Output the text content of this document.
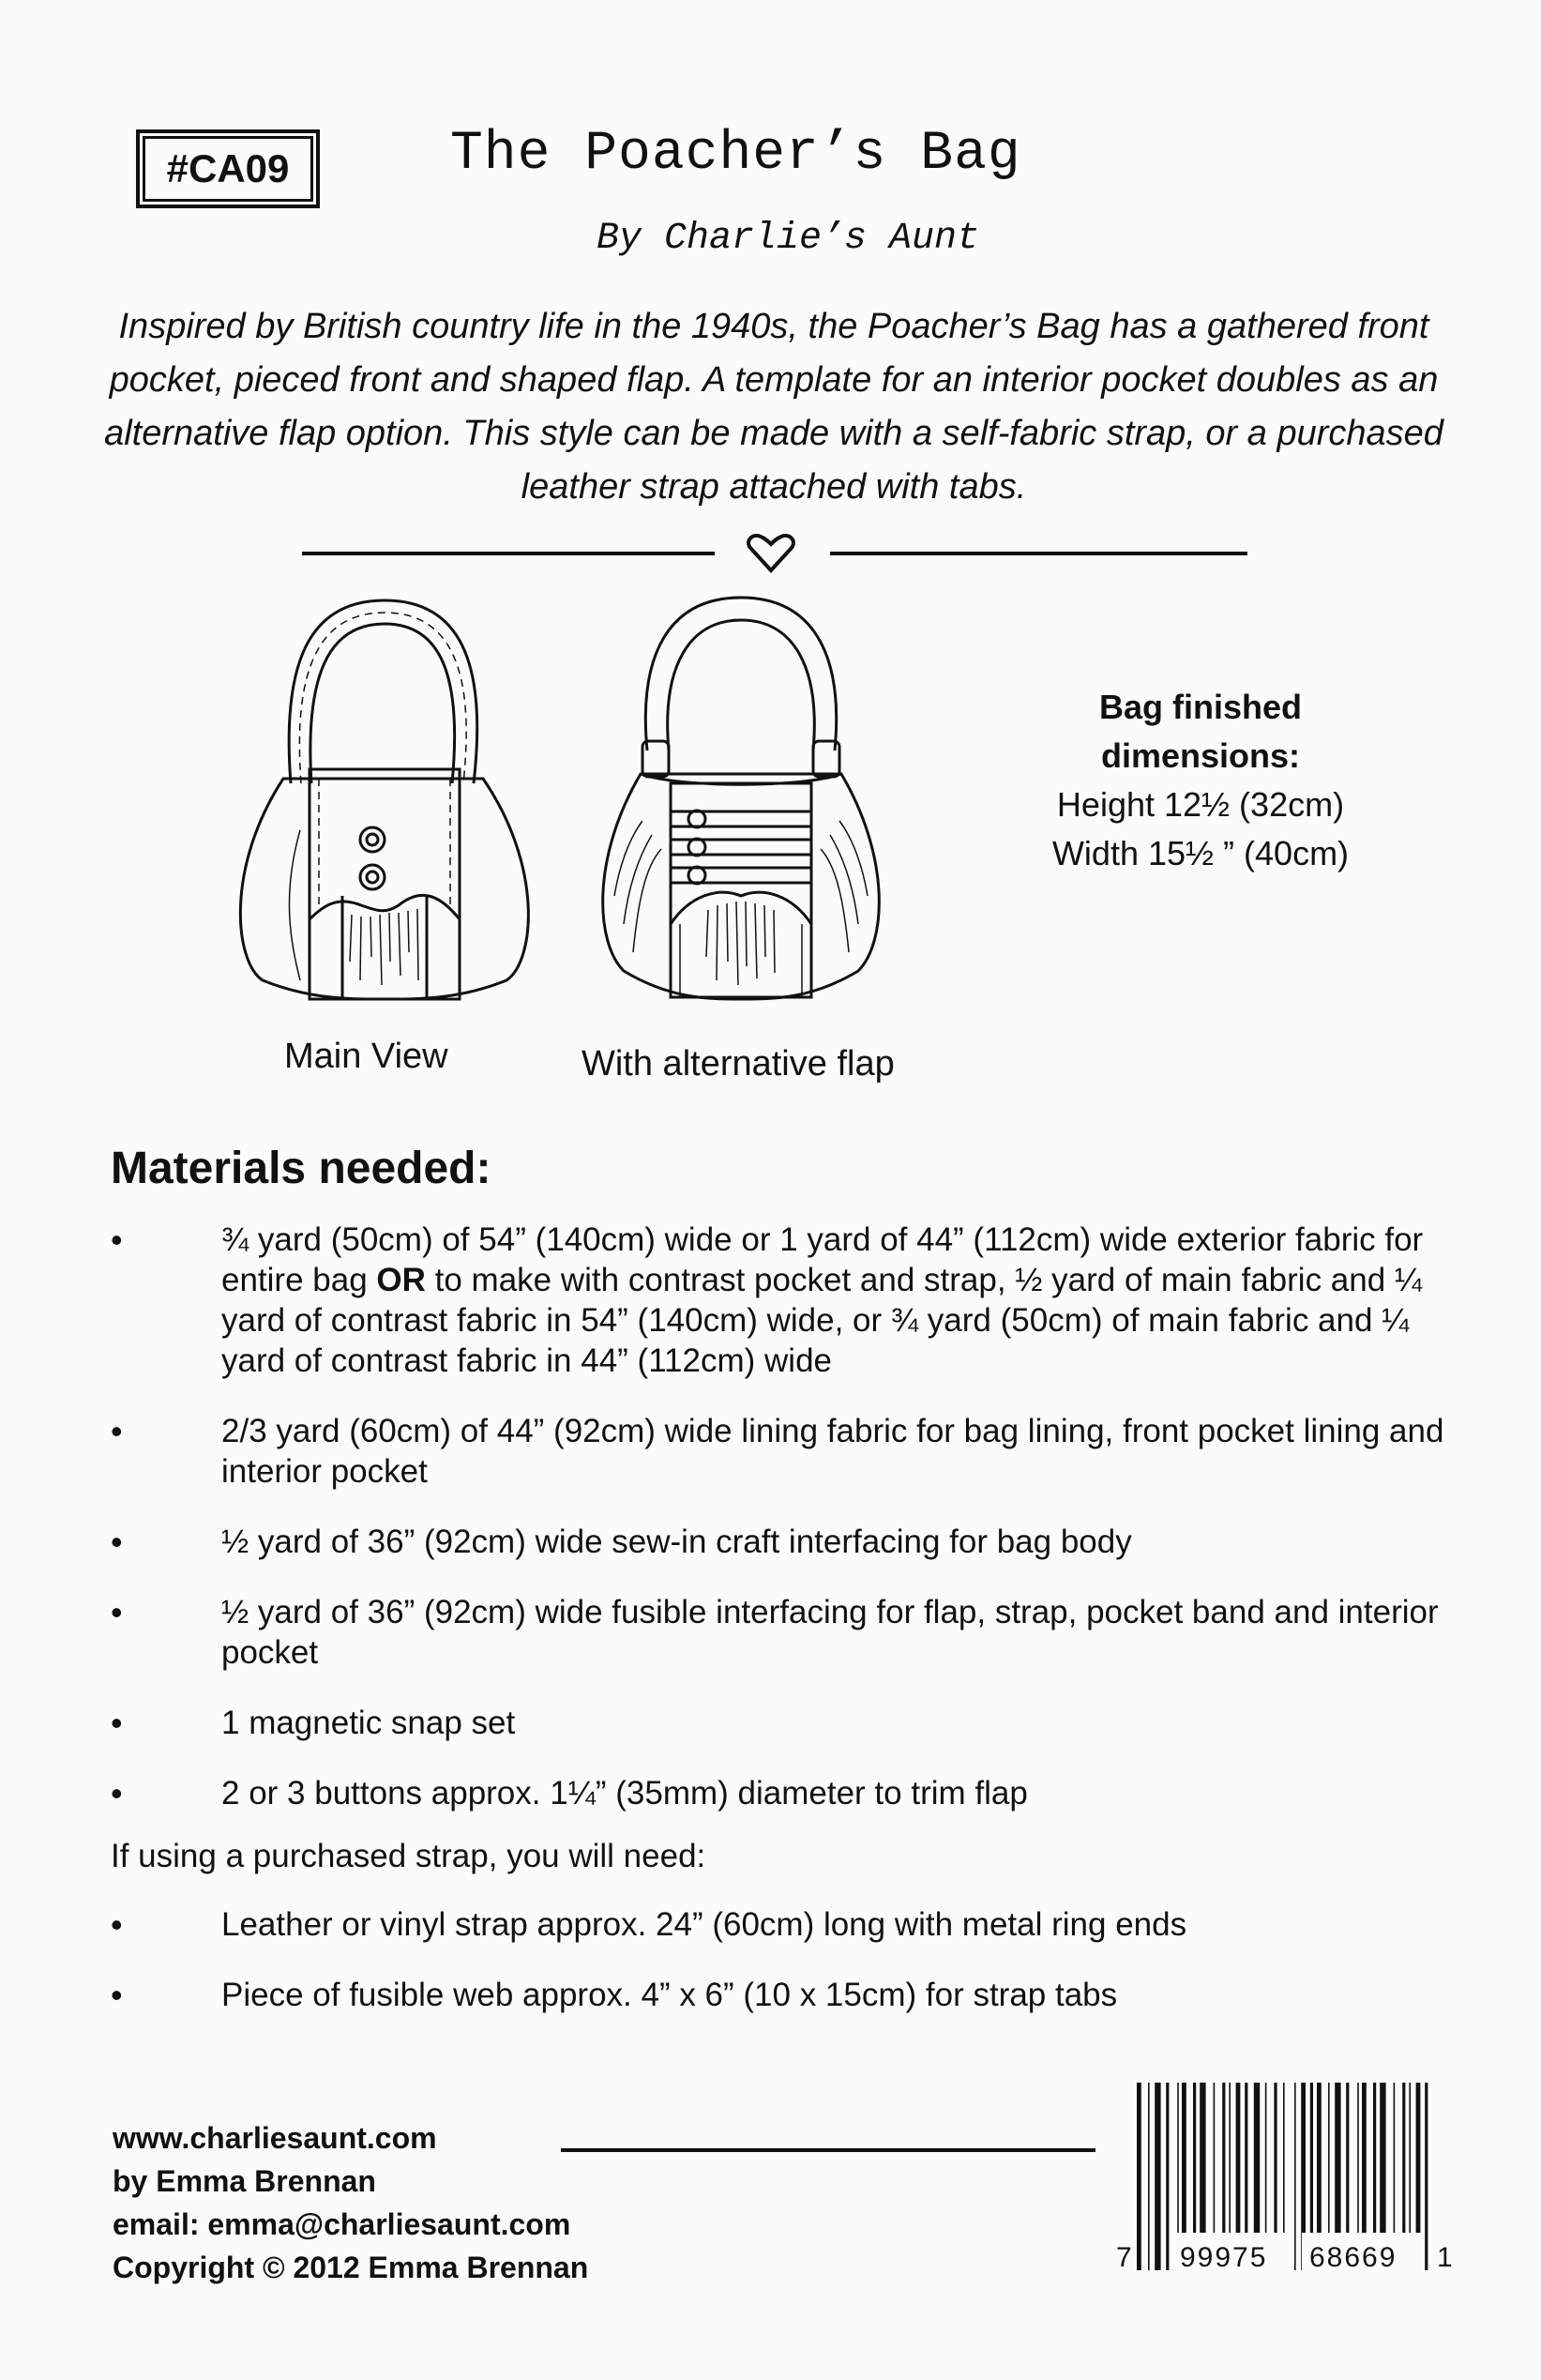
#CA09	The Poacher’s Bag
By Charlie’s Aunt
Inspired by British country life in the 1940s, the Poacher’s Bag has a gathered front pocket, pieced front and shaped flap. A template for an interior pocket doubles as an alternative flap option. This style can be made with a self-fabric strap, or a purchased leather strap attached with tabs.
Main View	With alternative flap
Bag finished
dimensions:
Height 12½ (32cm)
Width 15½ ” (40cm)
Materials needed:
•	¾ yard (50cm) of 54” (140cm) wide or 1 yard of 44” (112cm) wide exterior fabric for entire bag OR to make with contrast pocket and strap, ½ yard of main fabric and ¼ yard of contrast fabric in 54” (140cm) wide, or ¾ yard (50cm) of main fabric and ¼ yard of contrast fabric in 44” (112cm) wide
•	2/3 yard (60cm) of 44” (92cm) wide lining fabric for bag lining, front pocket lining and interior pocket
•	½ yard of 36” (92cm) wide sew-in craft interfacing for bag body
•	½ yard of 36” (92cm) wide fusible interfacing for flap, strap, pocket band and interior pocket
•	1 magnetic snap set
•	2 or 3 buttons approx. 1¼” (35mm) diameter to trim flap
If using a purchased strap, you will need:
•	Leather or vinyl strap approx. 24” (60cm) long with metal ring ends
•	Piece of fusible web approx. 4” x 6” (10 x 15cm) for strap tabs
www.charliesaunt.com
by Emma Brennan
email: emma@charliesaunt.com
Copyright © 2012 Emma Brennan	7 99975 68669 1
